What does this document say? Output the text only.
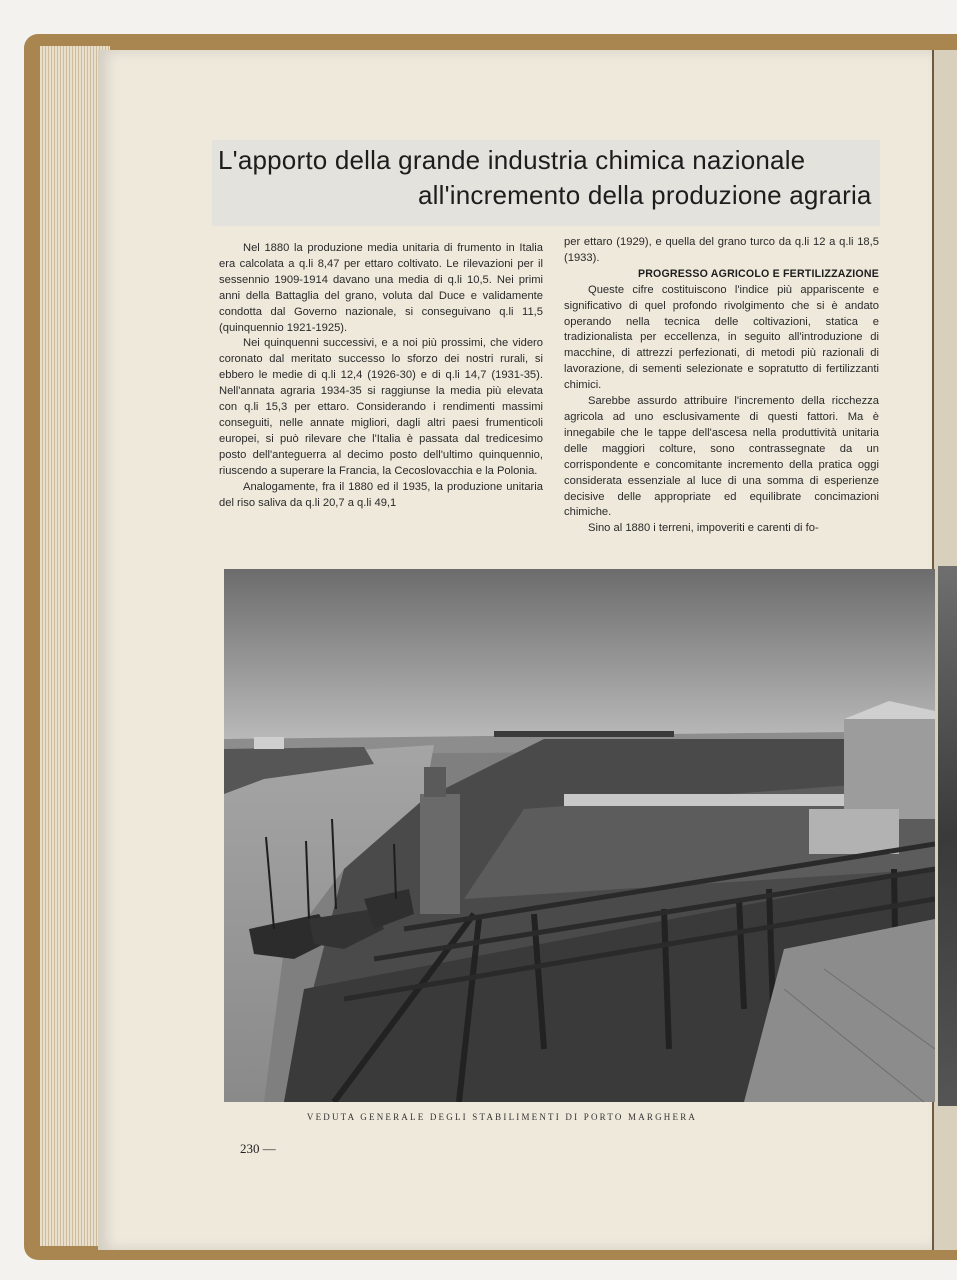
L'apporto della grande industria chimica nazionale
all'incremento della produzione agraria

Nel 1880 la produzione media unitaria di frumento in Italia era calcolata a q.li 8,47 per ettaro coltivato. Le rilevazioni per il sessennio 1909-1914 davano una media di q.li 10,5. Nei primi anni della Battaglia del grano, voluta dal Duce e validamente condotta dal Governo nazionale, si conseguivano q.li 11,5 (quinquennio 1921-1925).

Nei quinquenni successivi, e a noi più prossimi, che videro coronato dal meritato successo lo sforzo dei nostri rurali, si ebbero le medie di q.li 12,4 (1926-30) e di q.li 14,7 (1931-35). Nell'annata agraria 1934-35 si raggiunse la media più elevata con q.li 15,3 per ettaro. Considerando i rendimenti massimi conseguiti, nelle annate migliori, dagli altri paesi frumenticoli europei, si può rilevare che l'Italia è passata dal tredicesimo posto dell'anteguerra al decimo posto dell'ultimo quinquennio, riuscendo a superare la Francia, la Cecoslovacchia e la Polonia.

Analogamente, fra il 1880 ed il 1935, la produzione unitaria del riso saliva da q.li 20,7 a q.li 49,1

per ettaro (1929), e quella del grano turco da q.li 12 a q.li 18,5 (1933).

PROGRESSO AGRICOLO E FERTILIZZAZIONE

Queste cifre costituiscono l'indice più appariscente e significativo di quel profondo rivolgimento che si è andato operando nella tecnica delle coltivazioni, statica e tradizionalista per eccellenza, in seguito all'introduzione di macchine, di attrezzi perfezionati, di metodi più razionali di lavorazione, di sementi selezionate e sopratutto di fertilizzanti chimici.

Sarebbe assurdo attribuire l'incremento della ricchezza agricola ad uno esclusivamente di questi fattori. Ma è innegabile che le tappe dell'ascesa nella produttività unitaria delle maggiori colture, sono contrassegnate da un corrispondente e concomitante incremento della pratica oggi considerata essenziale al luce di una somma di esperienze decisive delle appropriate ed equilibrate concimazioni chimiche.

Sino al 1880 i terreni, impoveriti e carenti di fo-

VEDUTA GENERALE DEGLI STABILIMENTI DI PORTO MARGHERA
230 —
